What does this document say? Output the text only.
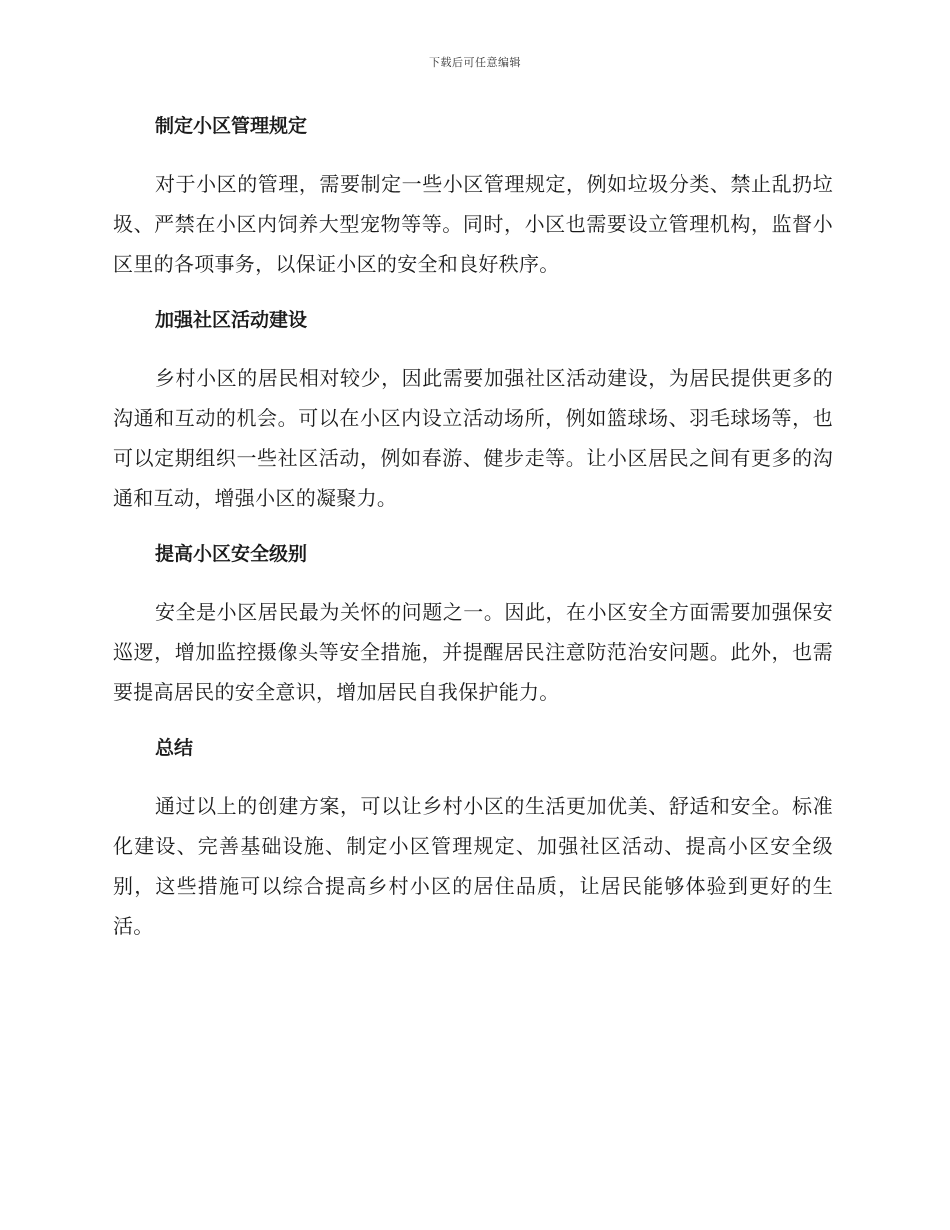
下载后可任意编辑
制定小区管理规定

对于小区的管理，需要制定一些小区管理规定，例如垃圾分类、禁止乱扔垃圾、严禁在小区内饲养大型宠物等等。同时，小区也需要设立管理机构，监督小区里的各项事务，以保证小区的安全和良好秩序。

加强社区活动建设

乡村小区的居民相对较少，因此需要加强社区活动建设，为居民提供更多的沟通和互动的机会。可以在小区内设立活动场所，例如篮球场、羽毛球场等，也可以定期组织一些社区活动，例如春游、健步走等。让小区居民之间有更多的沟通和互动，增强小区的凝聚力。

提高小区安全级别

安全是小区居民最为关怀的问题之一。因此，在小区安全方面需要加强保安巡逻，增加监控摄像头等安全措施，并提醒居民注意防范治安问题。此外，也需要提高居民的安全意识，增加居民自我保护能力。

总结

通过以上的创建方案，可以让乡村小区的生活更加优美、舒适和安全。标准化建设、完善基础设施、制定小区管理规定、加强社区活动、提高小区安全级别，这些措施可以综合提高乡村小区的居住品质，让居民能够体验到更好的生活。
